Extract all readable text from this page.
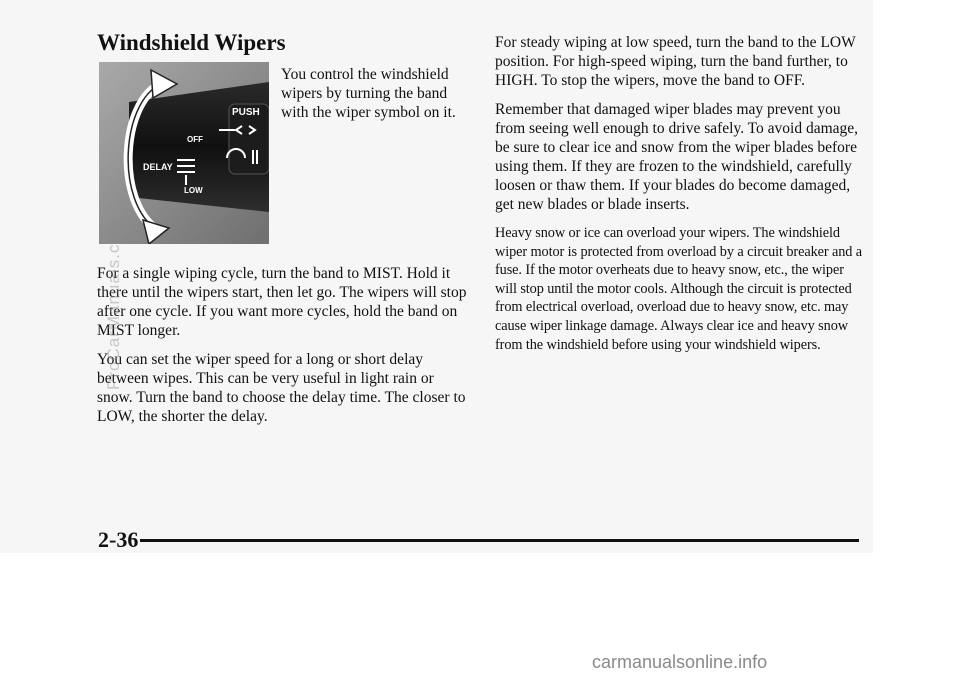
Windshield Wipers
PUSH
OFF
DELAY
LOW
You control the windshield wipers by turning the band with the wiper symbol on it.

For a single wiping cycle, turn the band to MIST. Hold it there until the wipers start, then let go. The wipers will stop after one cycle. If you want more cycles, hold the band on MIST longer.

You can set the wiper speed for a long or short delay between wipes. This can be very useful in light rain or snow. Turn the band to choose the delay time. The closer to LOW, the shorter the delay.

For steady wiping at low speed, turn the band to the LOW position. For high-speed wiping, turn the band further, to HIGH. To stop the wipers, move the band to OFF.

Remember that damaged wiper blades may prevent you from seeing well enough to drive safely. To avoid damage, be sure to clear ice and snow from the wiper blades before using them. If they are frozen to the windshield, carefully loosen or thaw them. If your blades do become damaged, get new blades or blade inserts.

Heavy snow or ice can overload your wipers. The windshield wiper motor is protected from overload by a circuit breaker and a fuse. If the motor overheats due to heavy snow, etc., the wiper will stop until the motor cools. Although the circuit is protected from electrical overload, overload due to heavy snow, etc. may cause wiper linkage damage. Always clear ice and heavy snow from the windshield before using your windshield wipers.

2-36
ProCarManuals.com
carmanualsonline.info
